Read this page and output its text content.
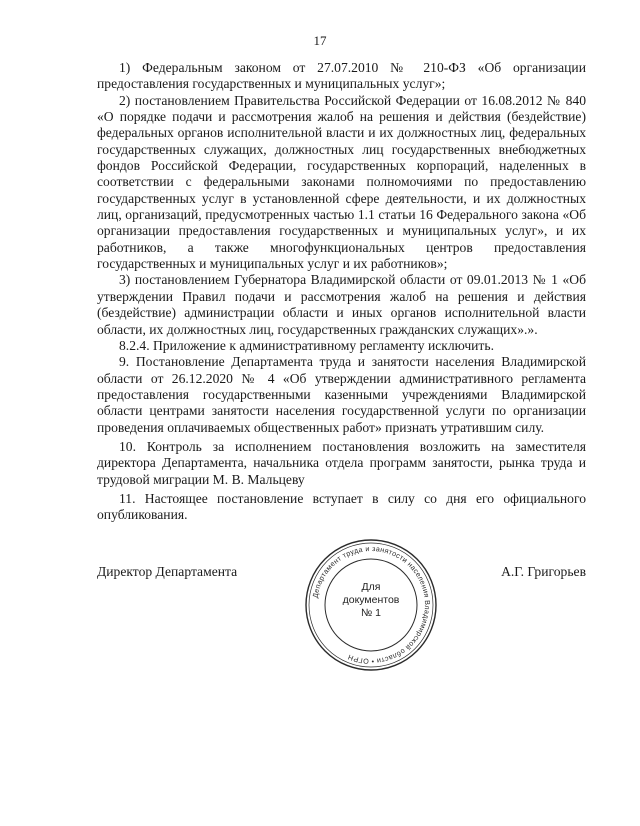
17

1) Федеральным законом от 27.07.2010 № 210-ФЗ «Об организации предоставления государственных и муниципальных услуг»;

2) постановлением Правительства Российской Федерации от 16.08.2012 № 840 «О порядке подачи и рассмотрения жалоб на решения и действия (бездействие) федеральных органов исполнительной власти и их должностных лиц, федеральных государственных служащих, должностных лиц государственных внебюджетных фондов Российской Федерации, государственных корпораций, наделенных в соответствии с федеральными законами полномочиями по предоставлению государственных услуг в установленной сфере деятельности, и их должностных лиц, организаций, предусмотренных частью 1.1 статьи 16 Федерального закона «Об организации предоставления государственных и муниципальных услуг», и их работников, а также многофункциональных центров предоставления государственных и муниципальных услуг и их работников»;

3) постановлением Губернатора Владимирской области от 09.01.2013 № 1 «Об утверждении Правил подачи и рассмотрения жалоб на решения и действия (бездействие) администрации области и иных органов исполнительной власти области, их должностных лиц, государственных гражданских служащих».».

8.2.4. Приложение к административному регламенту исключить.

9. Постановление Департамента труда и занятости населения Владимирской области от 26.12.2020 № 4 «Об утверждении административного регламента предоставления государственными казенными учреждениями Владимирской области центрами занятости населения государственной услуги по организации проведения оплачиваемых общественных работ» признать утратившим силу.

10. Контроль за исполнением постановления возложить на заместителя директора Департамента, начальника отдела программ занятости, рынка труда и трудовой миграции М. В. Мальцеву

11. Настоящее постановление вступает в силу со дня его официального опубликования.

Директор Департамента	А.Г. Григорьев
Департамент труда и занятости населения Владимирской области • ОГРН
Для
документов
№ 1
